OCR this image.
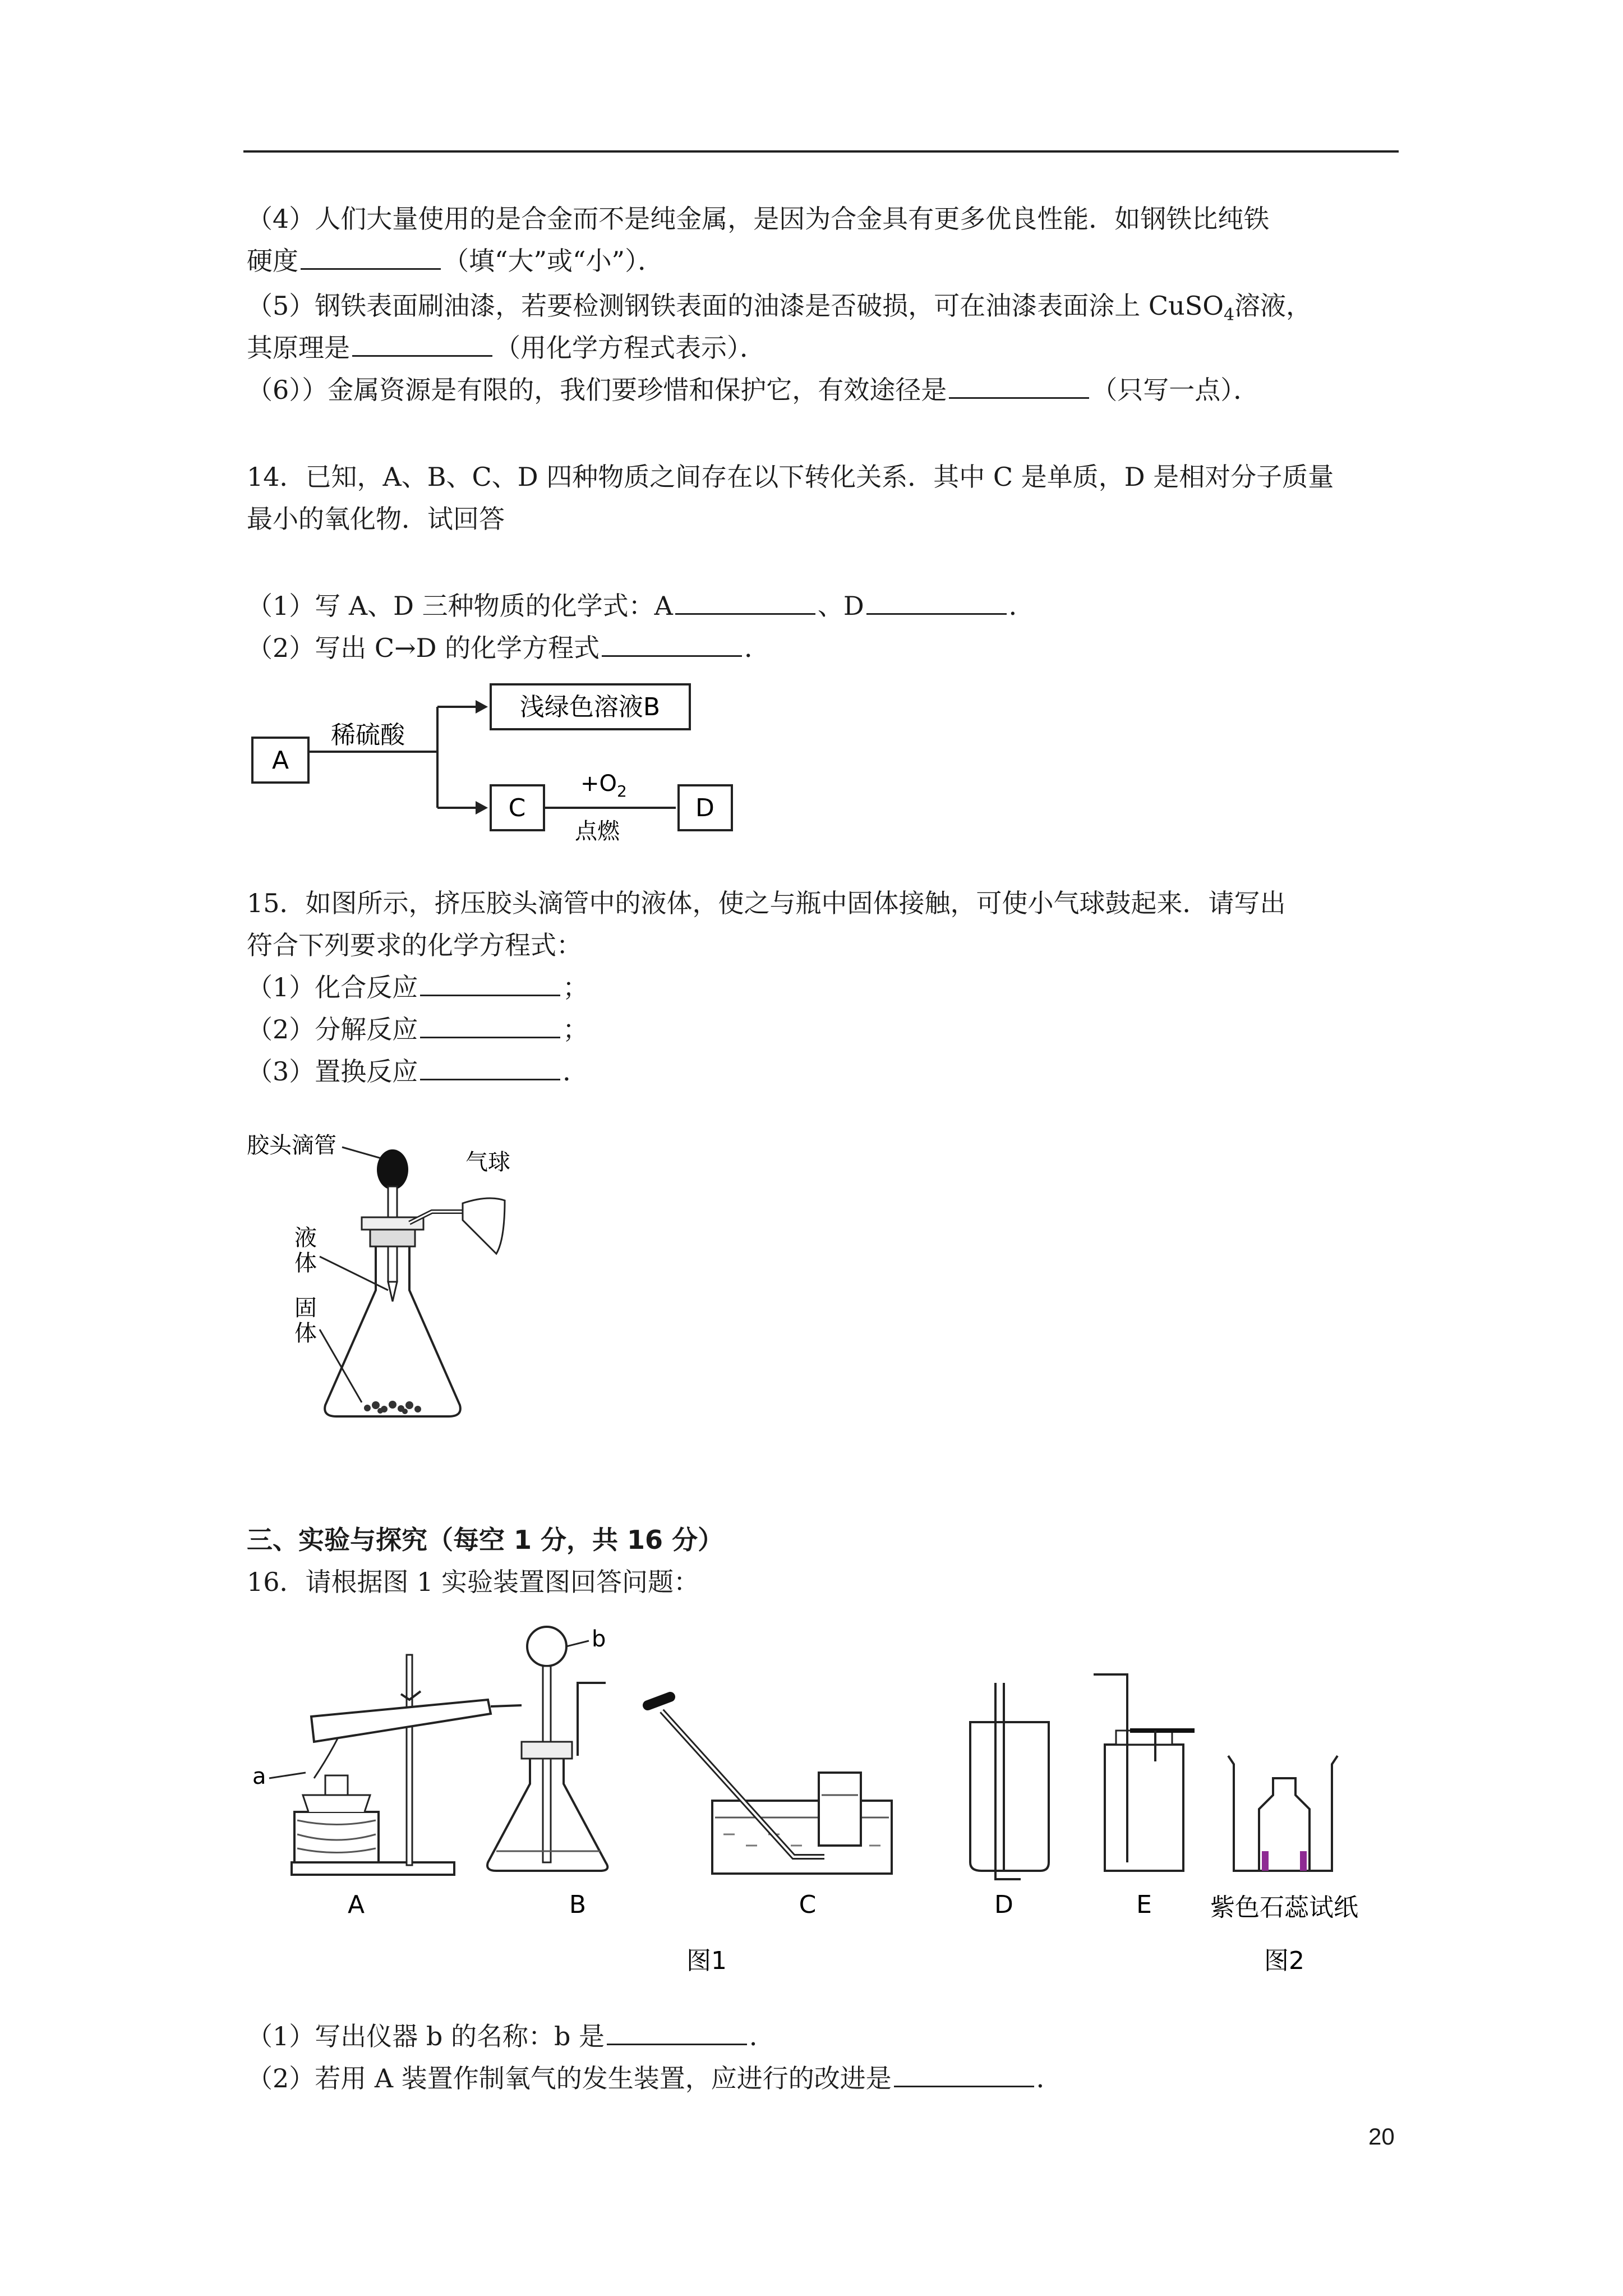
（4）人们大量使用的是合金而不是纯金属，是因为合金具有更多优良性能．如钢铁比纯铁
硬度	（填“大”或“小”）．
（5）钢铁表面刷油漆，若要检测钢铁表面的油漆是否破损，可在油漆表面涂上 CuSO$_4$溶液，
其原理是	（用化学方程式表示）．
（6））金属资源是有限的，我们要珍惜和保护它，有效途径是	（只写一点）．
14．已知，A、B、C、D 四种物质之间存在以下转化关系．其中 C 是单质，D 是相对分子质量
最小的氧化物．试回答
（1）写 A、D 三种物质的化学式：A	、D	．
（2）写出 C→D 的化学方程式	．
A
稀硫酸
浅绿色溶液B
C
$+O_2$
点燃
D
15．如图所示，挤压胶头滴管中的液体，使之与瓶中固体接触，可使小气球鼓起来．请写出
符合下列要求的化学方程式：
（1）化合反应	；
（2）分解反应	；
（3）置换反应	．
胶头滴管
气球
液
体
固
体
三、实验与探究（每空 1 分，共 16 分）
16．请根据图 1 实验装置图回答问题：
a
b
A	B	C	D	E 紫色石蕊试纸
图1	图2
（1）写出仪器 b 的名称：b 是	．
（2）若用 A 装置作制氧气的发生装置，应进行的改进是	．
20
